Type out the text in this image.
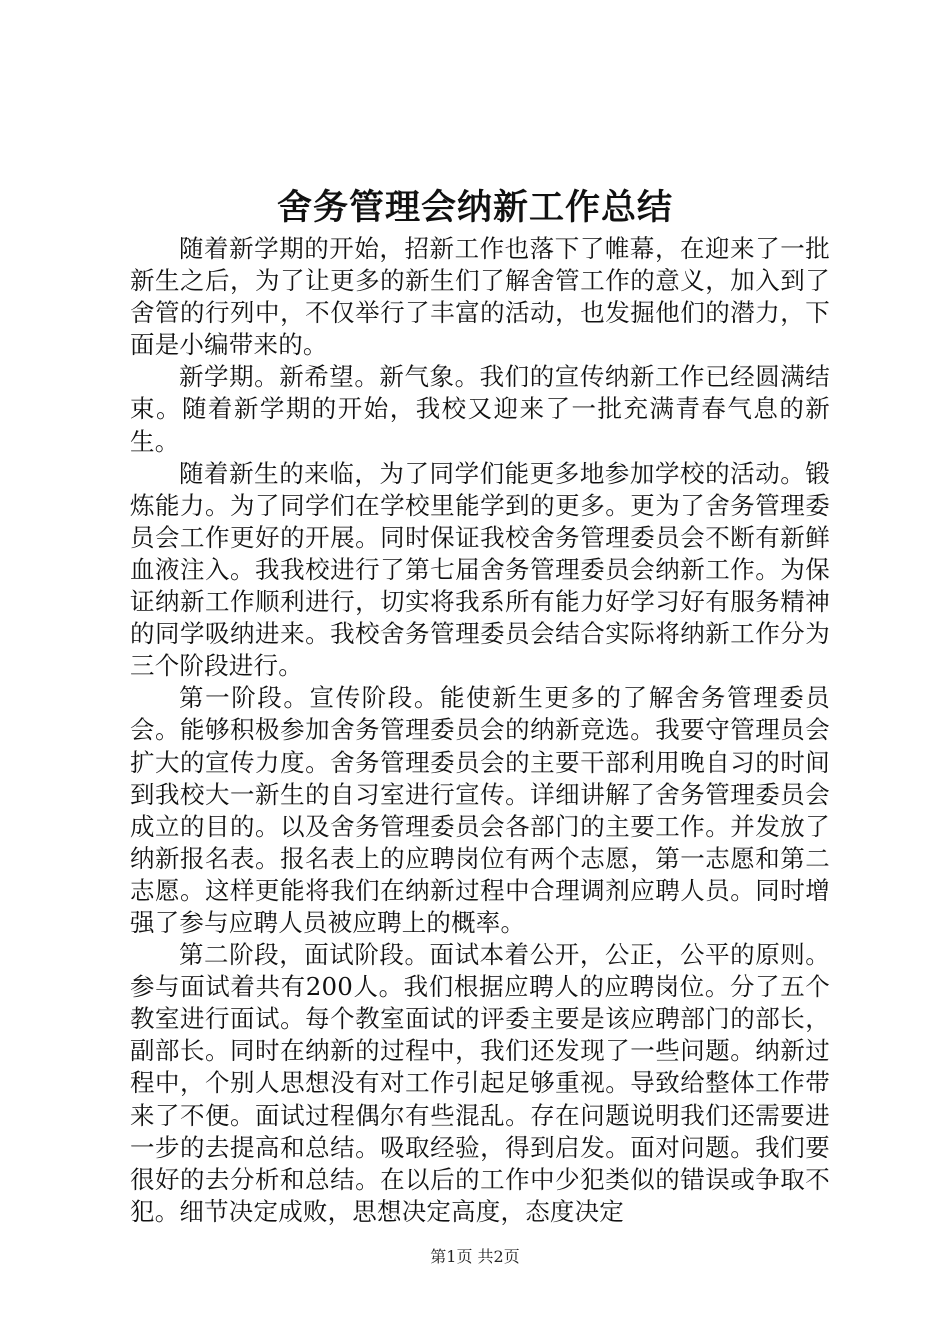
舍务管理会纳新工作总结

随着新学期的开始，招新工作也落下了帷幕，在迎来了一批新生之后，为了让更多的新生们了解舍管工作的意义，加入到了舍管的行列中，不仅举行了丰富的活动，也发掘他们的潜力，下面是小编带来的。

新学期。新希望。新气象。我们的宣传纳新工作已经圆满结束。随着新学期的开始，我校又迎来了一批充满青春气息的新生。

随着新生的来临，为了同学们能更多地参加学校的活动。锻炼能力。为了同学们在学校里能学到的更多。更为了舍务管理委员会工作更好的开展。同时保证我校舍务管理委员会不断有新鲜血液注入。我我校进行了第七届舍务管理委员会纳新工作。为保证纳新工作顺利进行，切实将我系所有能力好学习好有服务精神的同学吸纳进来。我校舍务管理委员会结合实际将纳新工作分为三个阶段进行。

第一阶段。宣传阶段。能使新生更多的了解舍务管理委员会。能够积极参加舍务管理委员会的纳新竞选。我要守管理员会扩大的宣传力度。舍务管理委员会的主要干部利用晚自习的时间到我校大一新生的自习室进行宣传。详细讲解了舍务管理委员会成立的目的。以及舍务管理委员会各部门的主要工作。并发放了纳新报名表。报名表上的应聘岗位有两个志愿，第一志愿和第二志愿。这样更能将我们在纳新过程中合理调剂应聘人员。同时增强了参与应聘人员被应聘上的概率。

第二阶段，面试阶段。面试本着公开，公正，公平的原则。参与面试着共有200人。我们根据应聘人的应聘岗位。分了五个教室进行面试。每个教室面试的评委主要是该应聘部门的部长，副部长。同时在纳新的过程中，我们还发现了一些问题。纳新过程中，个别人思想没有对工作引起足够重视。导致给整体工作带来了不便。面试过程偶尔有些混乱。存在问题说明我们还需要进一步的去提高和总结。吸取经验，得到启发。面对问题。我们要很好的去分析和总结。在以后的工作中少犯类似的错误或争取不犯。细节决定成败，思想决定高度，态度决定

第1页 共2页
